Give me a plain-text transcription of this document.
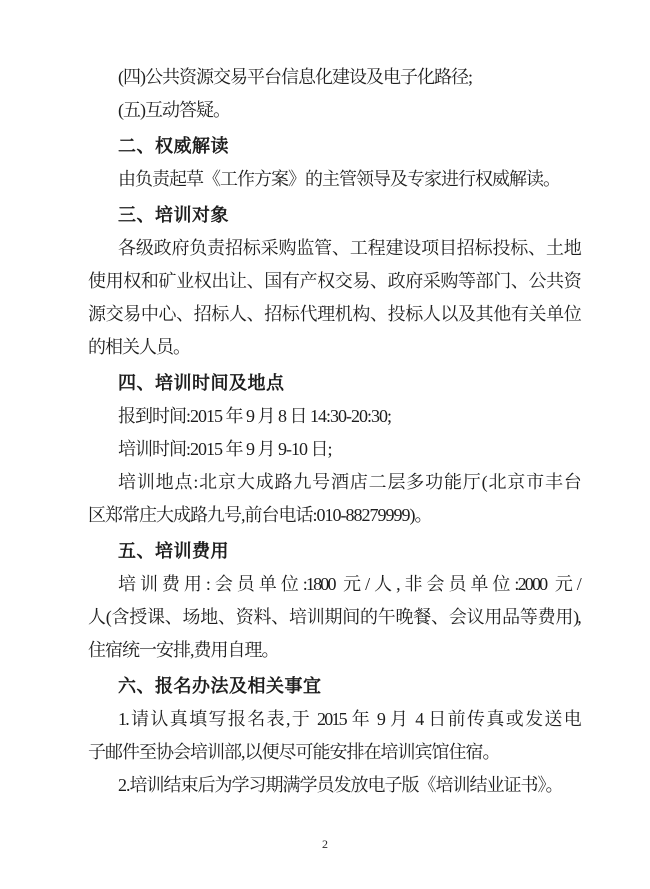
(四)公共资源交易平台信息化建设及电子化路径;
(五)互动答疑。
二、权威解读
由负责起草《工作方案》的主管领导及专家进行权威解读。
三、培训对象
各级政府负责招标采购监管、工程建设项目招标投标、土地
使用权和矿业权出让、国有产权交易、政府采购等部门、公共资
源交易中心、招标人、招标代理机构、投标人以及其他有关单位
的相关人员。
四、培训时间及地点
报到时间:2015 年 9 月 8 日 14:30-20:30;
培训时间:2015 年 9 月 9-10 日;
培训地点:北京大成路九号酒店二层多功能厅(北京市丰台
区郑常庄大成路九号,前台电话:010-88279999)。
五、培训费用
培训费用:会员单位:1800 元/人,非会员单位:2000 元/
人(含授课、场地、资料、培训期间的午晚餐、会议用品等费用),
住宿统一安排,费用自理。
六、报名办法及相关事宜
1.请认真填写报名表,于 2015 年 9 月 4 日前传真或发送电
子邮件至协会培训部,以便尽可能安排在培训宾馆住宿。
2.培训结束后为学习期满学员发放电子版《培训结业证书》。
2
